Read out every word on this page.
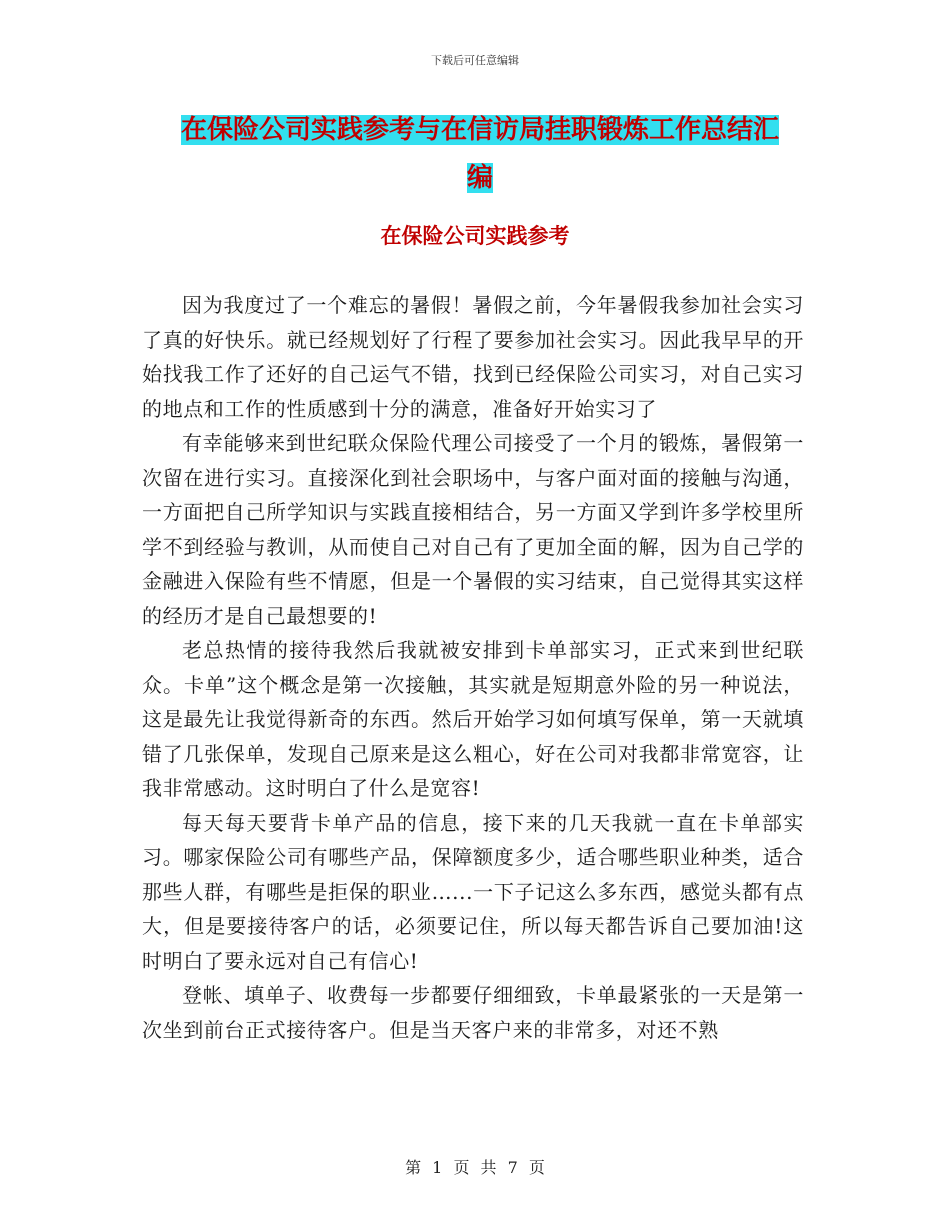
下载后可任意编辑
在保险公司实践参考与在信访局挂职锻炼工作总结汇
编
在保险公司实践参考

因为我度过了一个难忘的暑假！暑假之前，今年暑假我参加社会实习了真的好快乐。就已经规划好了行程了要参加社会实习。因此我早早的开始找我工作了还好的自己运气不错，找到已经保险公司实习，对自己实习的地点和工作的性质感到十分的满意，准备好开始实习了

有幸能够来到世纪联众保险代理公司接受了一个月的锻炼，暑假第一次留在进行实习。直接深化到社会职场中，与客户面对面的接触与沟通，一方面把自己所学知识与实践直接相结合，另一方面又学到许多学校里所学不到经验与教训，从而使自己对自己有了更加全面的解，因为自己学的金融进入保险有些不情愿，但是一个暑假的实习结束，自己觉得其实这样的经历才是自己最想要的!

老总热情的接待我然后我就被安排到卡单部实习，正式来到世纪联众。卡单”这个概念是第一次接触，其实就是短期意外险的另一种说法，这是最先让我觉得新奇的东西。然后开始学习如何填写保单，第一天就填错了几张保单，发现自己原来是这么粗心，好在公司对我都非常宽容，让我非常感动。这时明白了什么是宽容!

每天每天要背卡单产品的信息，接下来的几天我就一直在卡单部实习。哪家保险公司有哪些产品，保障额度多少，适合哪些职业种类，适合那些人群，有哪些是拒保的职业…...一下子记这么多东西，感觉头都有点大，但是要接待客户的话，必须要记住，所以每天都告诉自己要加油!这时明白了要永远对自己有信心!

登帐、填单子、收费每一步都要仔细细致，卡单最紧张的一天是第一次坐到前台正式接待客户。但是当天客户来的非常多，对还不熟

第 1 页 共 7 页
